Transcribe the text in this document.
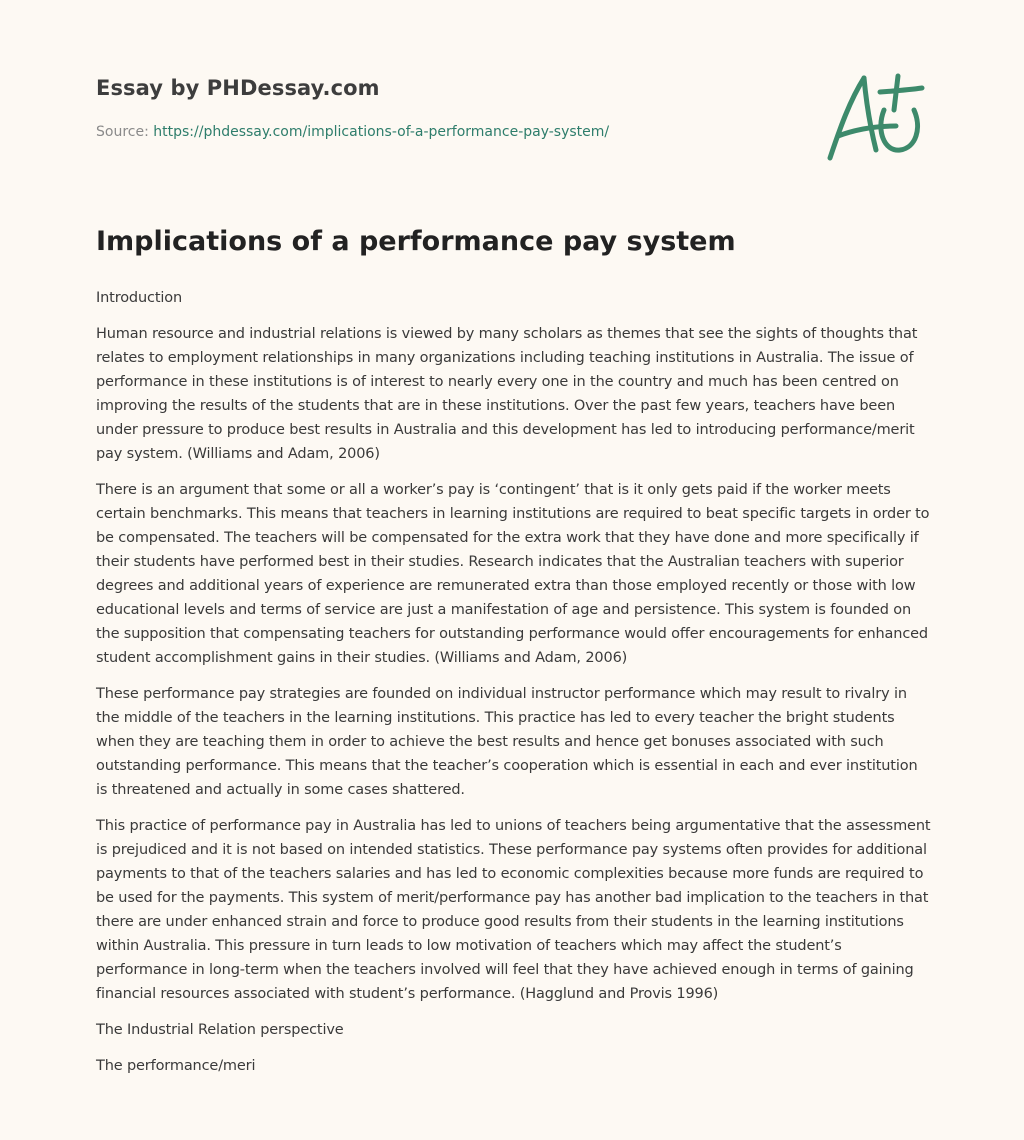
Essay by PHDessay.com
Source: https://phdessay.com/implications-of-a-performance-pay-system/
Implications of a performance pay system

Introduction

Human resource and industrial relations is viewed by many scholars as themes that see the sights of thoughts that relates to employment relationships in many organizations including teaching institutions in Australia. The issue of performance in these institutions is of interest to nearly every one in the country and much has been centred on improving the results of the students that are in these institutions. Over the past few years, teachers have been under pressure to produce best results in Australia and this development has led to introducing performance/merit pay system. (Williams and Adam, 2006)

There is an argument that some or all a worker’s pay is ‘contingent’ that is it only gets paid if the worker meets certain benchmarks. This means that teachers in learning institutions are required to beat specific targets in order to be compensated. The teachers will be compensated for the extra work that they have done and more specifically if their students have performed best in their studies. Research indicates that the Australian teachers with superior degrees and additional years of experience are remunerated extra than those employed recently or those with low educational levels and terms of service are just a manifestation of age and persistence. This system is founded on the supposition that compensating teachers for outstanding performance would offer encouragements for enhanced student accomplishment gains in their studies. (Williams and Adam, 2006)

These performance pay strategies are founded on individual instructor performance which may result to rivalry in the middle of the teachers in the learning institutions. This practice has led to every teacher the bright students when they are teaching them in order to achieve the best results and hence get bonuses associated with such outstanding performance. This means that the teacher’s cooperation which is essential in each and ever institution is threatened and actually in some cases shattered.

This practice of performance pay in Australia has led to unions of teachers being argumentative that the assessment is prejudiced and it is not based on intended statistics. These performance pay systems often provides for additional payments to that of the teachers salaries and has led to economic complexities because more funds are required to be used for the payments. This system of merit/performance pay has another bad implication to the teachers in that there are under enhanced strain and force to produce good results from their students in the learning institutions within Australia. This pressure in turn leads to low motivation of teachers which may affect the student’s performance in long-term when the teachers involved will feel that they have achieved enough in terms of gaining financial resources associated with student’s performance. (Hagglund and Provis 1996)

The Industrial Relation perspective

The performance/meri
